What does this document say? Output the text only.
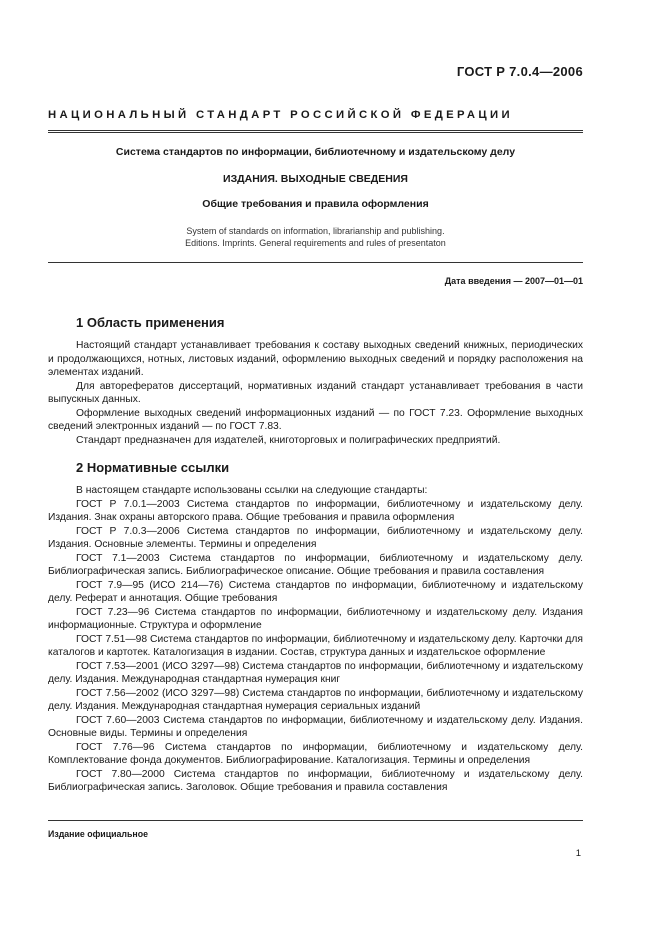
ГОСТ Р 7.0.4—2006
НАЦИОНАЛЬНЫЙ СТАНДАРТ РОССИЙСКОЙ ФЕДЕРАЦИИ
Система стандартов по информации, библиотечному и издательскому делу
ИЗДАНИЯ. ВЫХОДНЫЕ СВЕДЕНИЯ
Общие требования и правила оформления
System of standards on information, librarianship and publishing.
Editions. Imprints. General requirements and rules of presentaton
Дата введения — 2007—01—01
1 Область применения

Настоящий стандарт устанавливает требования к составу выходных сведений книжных, периодических и продолжающихся, нотных, листовых изданий, оформлению выходных сведений и порядку расположения на элементах изданий.

Для авторефератов диссертаций, нормативных изданий стандарт устанавливает требования в части выпускных данных.

Оформление выходных сведений информационных изданий — по ГОСТ 7.23. Оформление выходных сведений электронных изданий — по ГОСТ 7.83.

Стандарт предназначен для издателей, книготорговых и полиграфических предприятий.

2 Нормативные ссылки

В настоящем стандарте использованы ссылки на следующие стандарты:

ГОСТ Р 7.0.1—2003 Система стандартов по информации, библиотечному и издательскому делу. Издания. Знак охраны авторского права. Общие требования и правила оформления

ГОСТ Р 7.0.3—2006 Система стандартов по информации, библиотечному и издательскому делу. Издания. Основные элементы. Термины и определения

ГОСТ 7.1—2003 Система стандартов по информации, библиотечному и издательскому делу. Библиографическая запись. Библиографическое описание. Общие требования и правила составления

ГОСТ 7.9—95 (ИСО 214—76) Система стандартов по информации, библиотечному и издательскому делу. Реферат и аннотация. Общие требования

ГОСТ 7.23—96 Система стандартов по информации, библиотечному и издательскому делу. Издания информационные. Структура и оформление

ГОСТ 7.51—98 Система стандартов по информации, библиотечному и издательскому делу. Карточки для каталогов и картотек. Каталогизация в издании. Состав, структура данных и издательское оформление

ГОСТ 7.53—2001 (ИСО 3297—98) Система стандартов по информации, библиотечному и издательскому делу. Издания. Международная стандартная нумерация книг

ГОСТ 7.56—2002 (ИСО 3297—98) Система стандартов по информации, библиотечному и издательскому делу. Издания. Международная стандартная нумерация сериальных изданий

ГОСТ 7.60—2003 Система стандартов по информации, библиотечному и издательскому делу. Издания. Основные виды. Термины и определения

ГОСТ 7.76—96 Система стандартов по информации, библиотечному и издательскому делу. Комплектование фонда документов. Библиографирование. Каталогизация. Термины и определения

ГОСТ 7.80—2000 Система стандартов по информации, библиотечному и издательскому делу. Библиографическая запись. Заголовок. Общие требования и правила составления

Издание официальное
1
